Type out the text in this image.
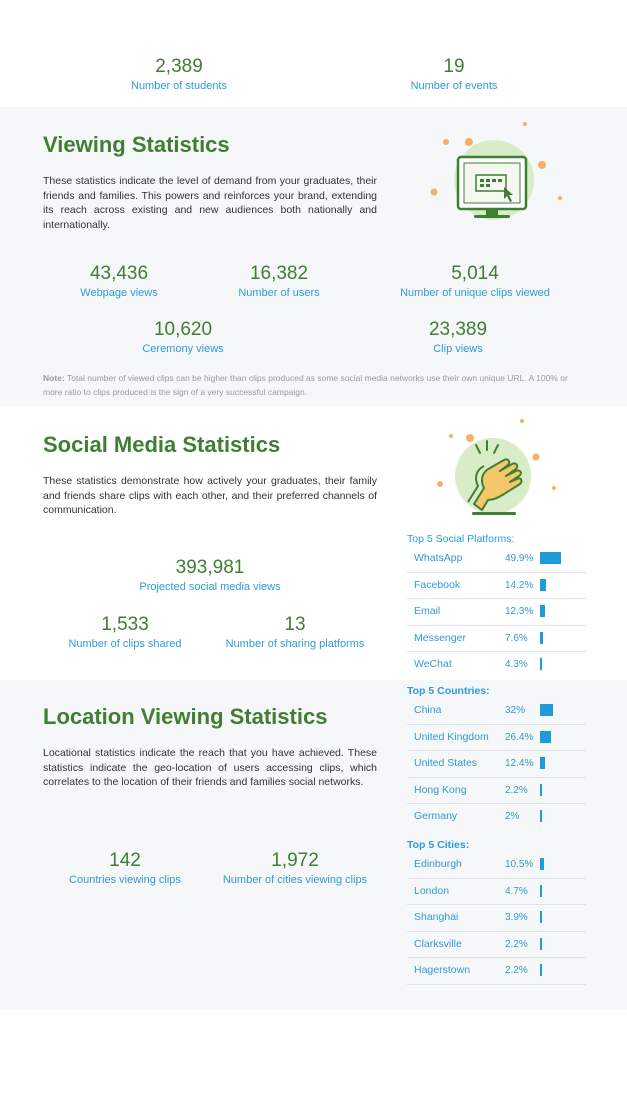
2,389
Number of students
19
Number of events
Viewing Statistics
These statistics indicate the level of demand from your graduates, their friends and families. This powers and reinforces your brand, extending its reach across existing and new audiences both nationally and internationally.
43,436
Webpage views
16,382
Number of users
5,014
Number of unique clips viewed
10,620
Ceremony views
23,389
Clip views
Note: Total number of viewed clips can be higher than clips produced as some social media networks use their own unique URL. A 100% or more ratio to clips produced is the sign of a very successful campaign.
Social Media Statistics
These statistics demonstrate how actively your graduates, their family and friends share clips with each other, and their preferred channels of communication.
393,981
Projected social media views
1,533
Number of clips shared
13
Number of sharing platforms
Top 5 Social Platforms:
WhatsApp	49.9%
Facebook	14.2%
Email	12.3%
Messenger	7.6%
WeChat	4.3%
Location Viewing Statistics
Locational statistics indicate the reach that you have achieved. These statistics indicate the geo-location of users accessing clips, which correlates to the location of their friends and families social networks.
142
Countries viewing clips
1,972
Number of cities viewing clips
Top 5 Countries:
China	32%
United Kingdom 26.4%
United States	12.4%
Hong Kong	2.2%
Germany	2%
Top 5 Cities:
Edinburgh	10.5%
London	4.7%
Shanghai	3.9%
Clarksville	2.2%
Hagerstown	2.2%
